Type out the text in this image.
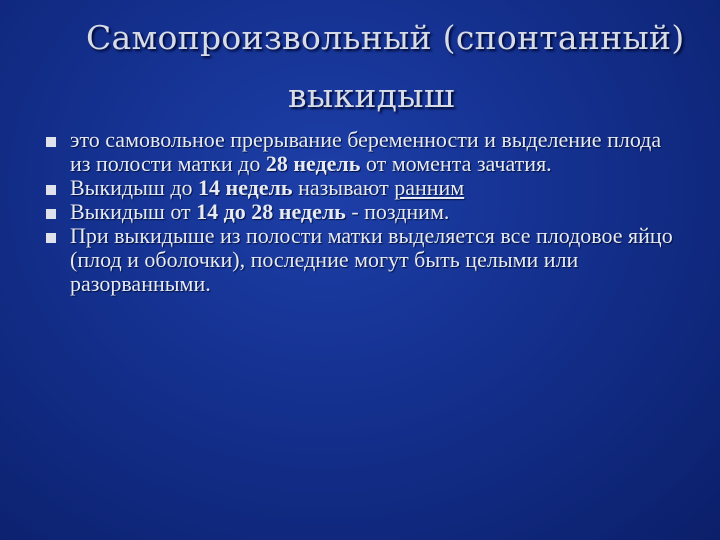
Самопроизвольный (спонтанный)
выкидыш
это самовольное прерывание беременности и выделение плода из полости матки до 28 недель от момента зачатия.
Выкидыш до 14 недель называют ранним
Выкидыш от 14 до 28 недель - поздним.
При выкидыше из полости матки выделяется все плодовое яйцо (плод и оболочки), последние могут быть целыми или разорванными.
